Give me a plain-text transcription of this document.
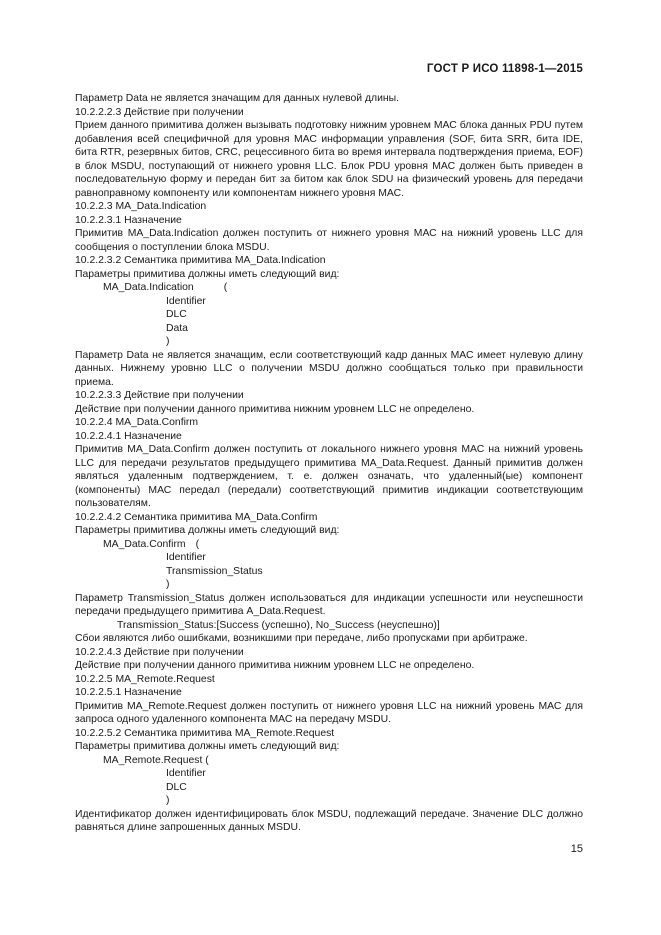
ГОСТ Р ИСО 11898-1—2015

Параметр Data не является значащим для данных нулевой длины.

10.2.2.2.3 Действие при получении

Прием данного примитива должен вызывать подготовку нижним уровнем МАС блока данных PDU путем добавления всей специфичной для уровня МАС информации управления (SOF, бита SRR, бита IDE, бита RTR, резервных битов, CRC, рецессивного бита во время интервала подтверждения приема, EOF) в блок MSDU, поступающий от нижнего уровня LLC. Блок PDU уровня МАС должен быть приведен в последовательную форму и передан бит за битом как блок SDU на физический уровень для передачи равноправному компоненту или компонентам нижнего уровня МАС.

10.2.2.3 MA_Data.Indication

10.2.2.3.1 Назначение

Примитив MA_Data.Indication должен поступить от нижнего уровня МАС на нижний уровень LLC для сообщения о поступлении блока MSDU.

10.2.2.3.2 Семантика примитива MA_Data.Indication

Параметры примитива должны иметь следующий вид:

MA_Data.Indication	(

Identifier

DLC

Data

)

Параметр Data не является значащим, если соответствующий кадр данных МАС имеет нулевую длину данных. Нижнему уровню LLC о получении MSDU должно сообщаться только при правильности приема.

10.2.2.3.3 Действие при получении

Действие при получении данного примитива нижним уровнем LLC не определено.

10.2.2.4 MA_Data.Confirm

10.2.2.4.1 Назначение

Примитив MA_Data.Confirm должен поступить от локального нижнего уровня МАС на нижний уровень LLC для передачи результатов предыдущего примитива MA_Data.Request. Данный примитив должен являться удаленным подтверждением, т. е. должен означать, что удаленный(ые) компонент (компоненты) МАС передал (передали) соответствующий примитив индикации соответствующим пользователям.

10.2.2.4.2 Семантика примитива MA_Data.Confirm

Параметры примитива должны иметь следующий вид:

MA_Data.Confirm (

Identifier

Transmission_Status

)

Параметр Transmission_Status должен использоваться для индикации успешности или неуспешности передачи предыдущего примитива A_Data.Request.

Transmission_Status:[Success (успешно), No_Success (неуспешно)]

Сбои являются либо ошибками, возникшими при передаче, либо пропусками при арбитраже.

10.2.2.4.3 Действие при получении

Действие при получении данного примитива нижним уровнем LLC не определено.

10.2.2.5 MA_Remote.Request

10.2.2.5.1 Назначение

Примитив MA_Remote.Request должен поступить от нижнего уровня LLC на нижний уровень МАС для запроса одного удаленного компонента МАС на передачу MSDU.

10.2.2.5.2 Семантика примитива MA_Remote.Request

Параметры примитива должны иметь следующий вид:

MA_Remote.Request (

Identifier

DLC

)

Идентификатор должен идентифицировать блок MSDU, подлежащий передаче. Значение DLC должно равняться длине запрошенных данных MSDU.

15
